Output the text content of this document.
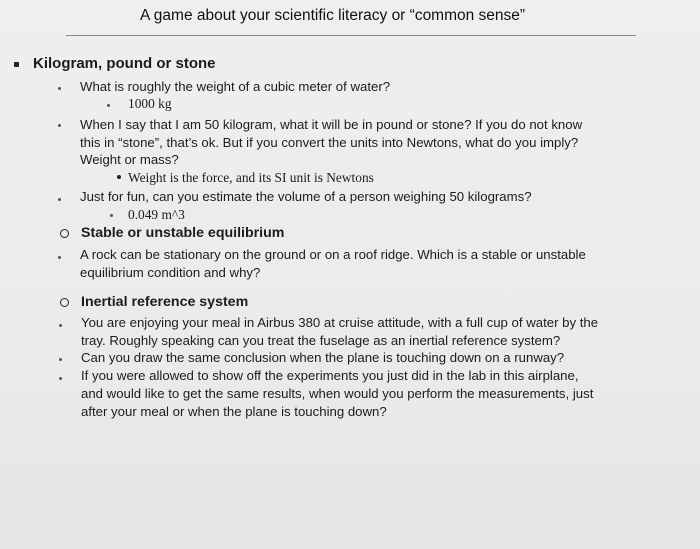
A game about your scientific literacy or “common sense”
Kilogram, pound or stone
What is roughly the weight of a cubic meter of water?
1000 kg
When I say that I am 50 kilogram, what it will be in pound or stone? If you do not know
this in “stone”, that’s ok. But if you convert the units into Newtons, what do you imply?
Weight or mass?
Weight is the force, and its SI unit is Newtons
Just for fun, can you estimate the volume of a person weighing 50 kilograms?
0.049 m^3
Stable or unstable equilibrium
A rock can be stationary on the ground or on a roof ridge. Which is a stable or unstable
equilibrium condition and why?
Inertial reference system
You are enjoying your meal in Airbus 380 at cruise attitude, with a full cup of water by the
tray. Roughly speaking can you treat the fuselage as an inertial reference system?
Can you draw the same conclusion when the plane is touching down on a runway?
If you were allowed to show off the experiments you just did in the lab in this airplane,
and would like to get the same results, when would you perform the measurements, just
after your meal or when the plane is touching down?
